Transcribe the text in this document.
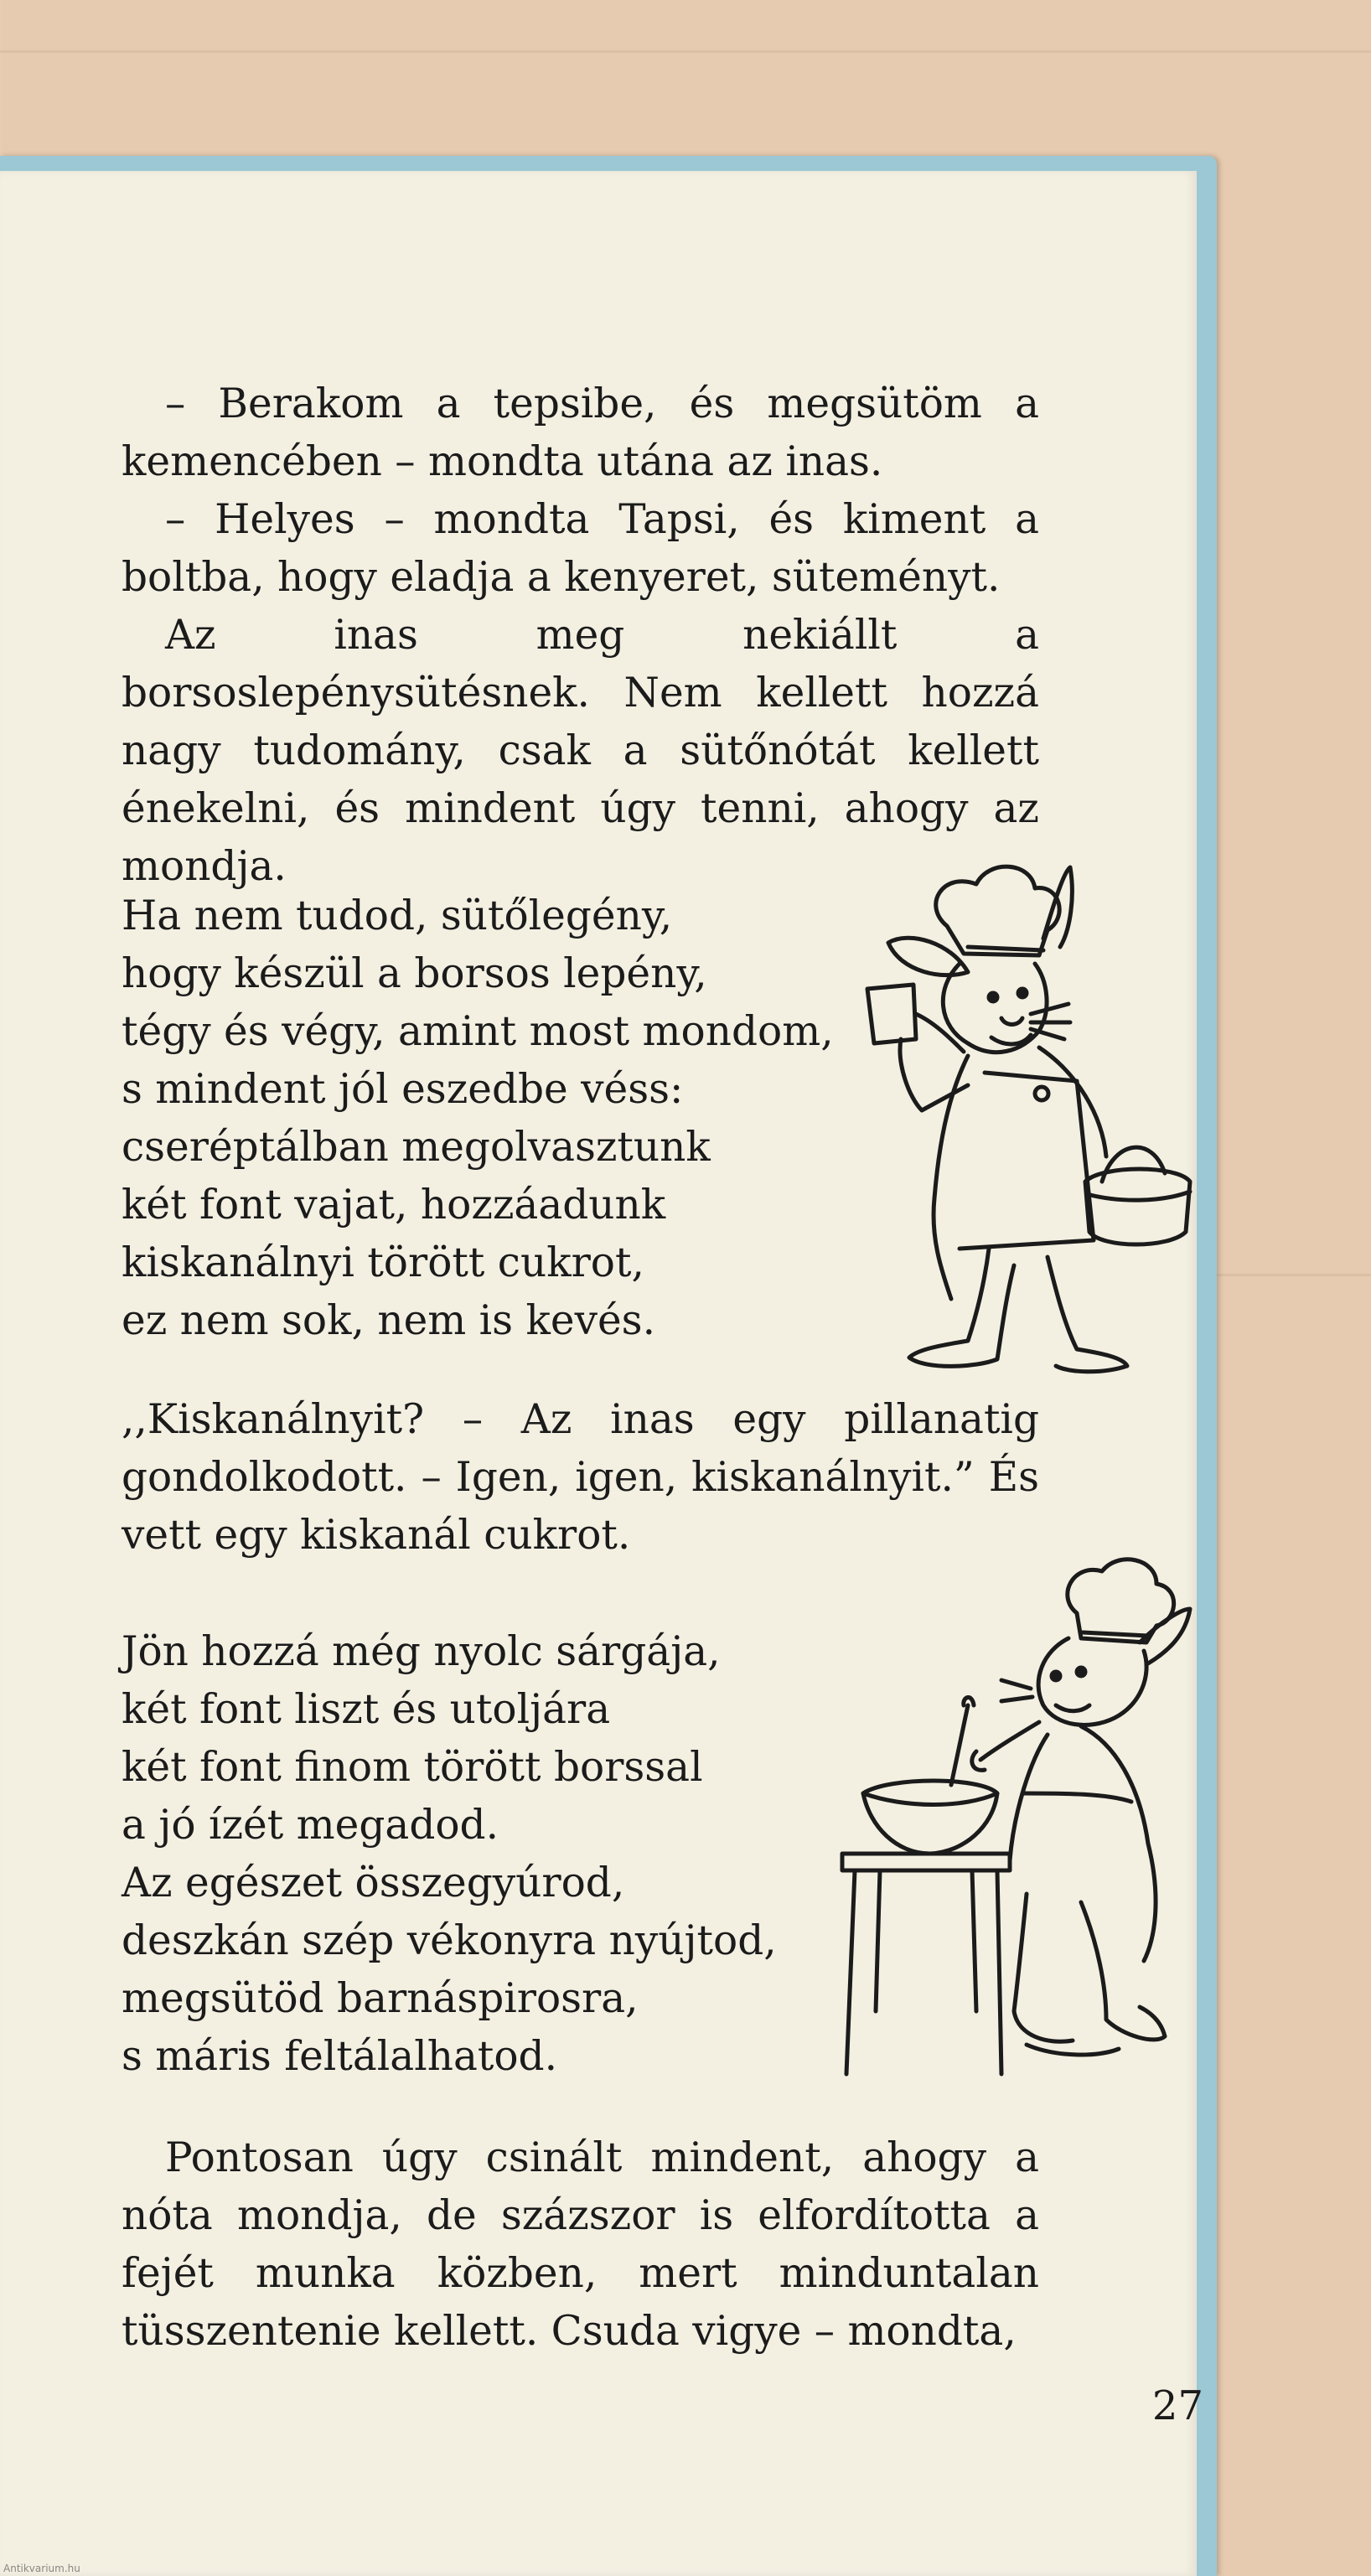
– Berakom a tepsibe, és megsütöm a kemencében – mondta utána az inas.

– Helyes – mondta Tapsi, és kiment a boltba, hogy eladja a kenyeret, süteményt.

Az inas meg nekiállt a borsoslepénysütésnek. Nem kellett hozzá nagy tudomány, csak a sütőnótát kellett énekelni, és mindent úgy tenni, ahogy az mondja.

Ha nem tudod, sütőlegény,
hogy készül a borsos lepény,
tégy és végy, amint most mondom,
s mindent jól eszedbe véss:
cseréptálban megolvasztunk
két font vajat, hozzáadunk
kiskanálnyi törött cukrot,
ez nem sok, nem is kevés.

,,Kiskanálnyit? – Az inas egy pillanatig gondolkodott. – Igen, igen, kiskanálnyit.” És vett egy kiskanál cukrot.

Jön hozzá még nyolc sárgája,
két font liszt és utoljára
két font finom törött borssal
a jó ízét megadod.
Az egészet összegyúrod,
deszkán szép vékonyra nyújtod,
megsütöd barnáspirosra,
s máris feltálalhatod.

Pontosan úgy csinált mindent, ahogy a nóta mondja, de százszor is elfordította a fejét munka közben, mert minduntalan tüsszentenie kellett. Csuda vigye – mondta,

27
Antikvarium.hu
